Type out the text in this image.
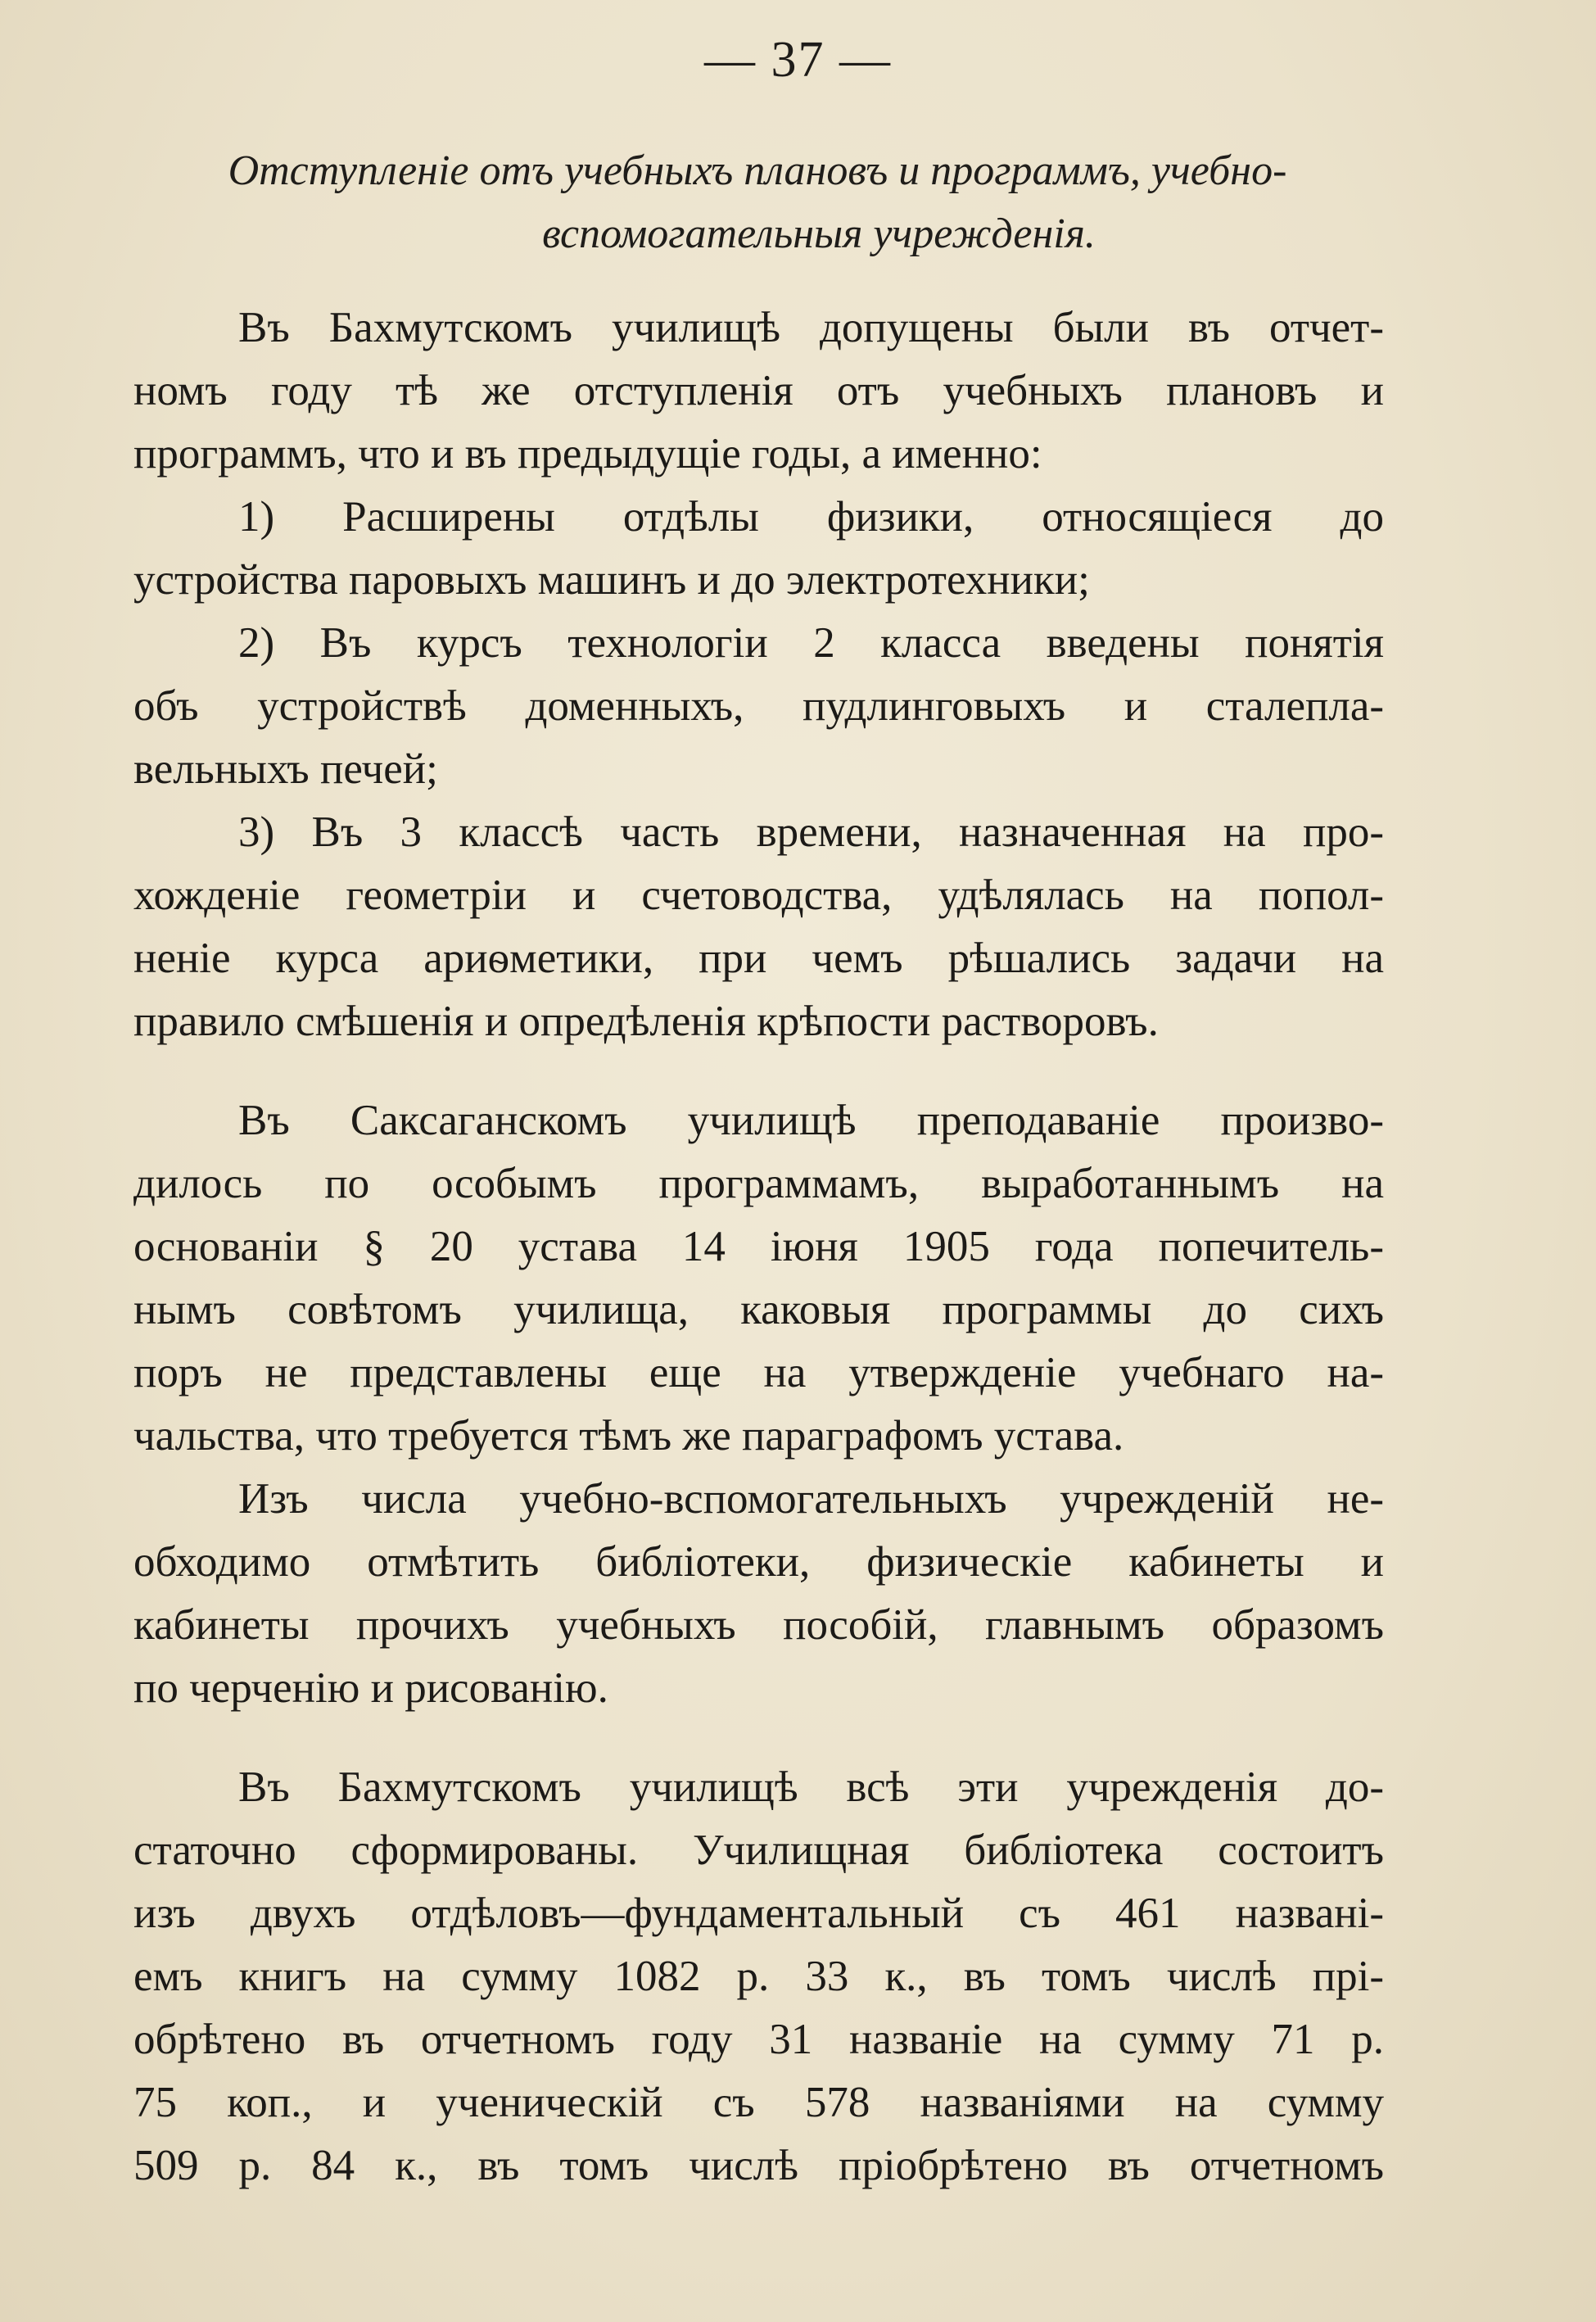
— 37 —
Отступленіе отъ учебныхъ плановъ и программъ, учебно-
вспомогательныя учрежденія.
Въ Бахмутскомъ училищѣ допущены были въ отчет-
номъ году тѣ же отступленія отъ учебныхъ плановъ и
программъ, что и въ предыдущіе годы, а именно:
1) Расширены отдѣлы физики, относящіеся до
устройства паровыхъ машинъ и до электротехники;
2) Въ курсъ технологіи 2 класса введены понятія
объ устройствѣ доменныхъ, пудлинговыхъ и сталепла-
вельныхъ печей;
3) Въ 3 классѣ часть времени, назначенная на про-
хожденіе геометріи и счетоводства, удѣлялась на попол-
неніе курса ариѳметики, при чемъ рѣшались задачи на
правило смѣшенія и опредѣленія крѣпости растворовъ.
Въ Саксаганскомъ училищѣ преподаваніе произво-
дилось по особымъ программамъ, выработаннымъ на
основаніи § 20 устава 14 іюня 1905 года попечитель-
нымъ совѣтомъ училища, каковыя программы до сихъ
поръ не представлены еще на утвержденіе учебнаго на-
чальства, что требуется тѣмъ же параграфомъ устава.
Изъ числа учебно-вспомогательныхъ учрежденій не-
обходимо отмѣтить библіотеки, физическіе кабинеты и
кабинеты прочихъ учебныхъ пособій, главнымъ образомъ
по черченію и рисованію.
Въ Бахмутскомъ училищѣ всѣ эти учрежденія до-
статочно сформированы. Училищная библіотека состоитъ
изъ двухъ отдѣловъ—фундаментальный съ 461 названі-
емъ книгъ на сумму 1082 р. 33 к., въ томъ числѣ прі-
обрѣтено въ отчетномъ году 31 названіе на сумму 71 р.
75 коп., и ученическій съ 578 названіями на сумму
509 р. 84 к., въ томъ числѣ пріобрѣтено въ отчетномъ
